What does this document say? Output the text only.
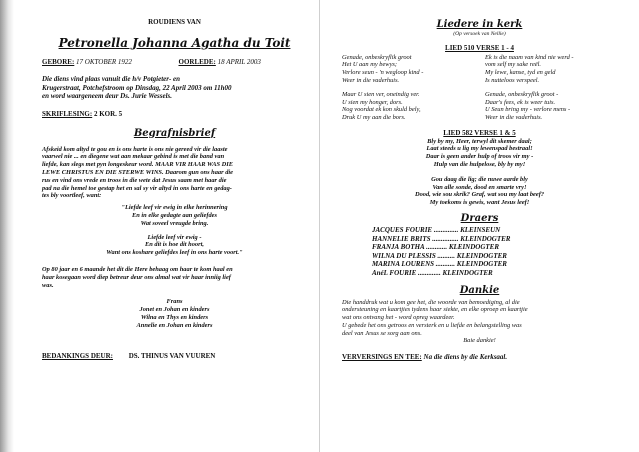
ROUDIENS VAN

Petronella Johanna Agatha du Toit

GEBORE: 17 OKTOBER 1922	OORLEDE: 18 APRIL 2003

Die diens vind plaas vanuit die h/v Potgieter- en

Krugerstraat, Potchefstroom op Dinsdag, 22 April 2003 om 11h00

en word waargeneem deur Ds. Jurie Wessels.

SKRIFLESING: 2 KOR. 5

Begrafnisbrief

Afskeid kom altyd te gou en is ons harte is ons nie gereed vir die laaste

vaarwel nie ... en diegene wat aan mekaar gebind is met die band van

liefde, kan slegs met pyn longeskeur word. MAAR VIR HAAR WAS DIE

LEWE CHRISTUS EN DIE STERWE WINS. Daarom gun ons haar die

rus en vind ons vrede en troos in die wete dat Jesus saam met haar die

pad na die hemel toe gestap het en sal sy vir altyd in ons harte en gedag-

tes bly voortleef, want:

"Liefde leef vir ewig in elke herinnering

En in elke gedagte aan geliefdes

Wat soveel vreugde bring.

Liefde leef vir ewig -

En dit is hoe dit hoort,

Want ons koshare geliefdes leef in ons harte voort."

Op 80 jaar en 6 maande het dit die Here behaag om haar te kom haal en

haar kosegaan word diep betreur deur ons almal wat vir haar inniig lief

was.

Frans

Jonet en Johan en kinders

Wilna en Thys en kinders

Annelie en Johan en kinders

BEDANKINGS DEUR: DS. THINUS VAN VUUREN

Liedere in kerk

(Op versoek van Nellie)

LIED 510 VERSE 1 - 4

Genade, onbeskryflik groot

Het U aan my bewys;

Verlore seun - 'n wegloop kind -

Weer in die vaderhuis.

Maar U sien ver, oneindig ver.

U sien my honger, dors.

Nog voordat ek kon skuld bely,

Druk U my aan die bors.

Ek is die naam van kind nie werd -

vom self my sake reël.

My lewe, kanse, tyd en geld

Is nutteloos verspeel.

Genade, onbeskryflik groot -

Daar's fees, ek is weer tuis.

U Seun bring my - verlore mens -

Weer in die vaderhuis.

LIED 582 VERSE 1 & 5

Bly by my, Heer, terwyl dit skemer daal;

Laat steeds u lig my lewenspad bestraal!

Daar is geen ander hulp of troos vir my -

Hulp van die hulpelose, bly by my!

Gou daag die lig; die nuwe aarde bly

Van alle sonde, dood en smarte vry!

Dood, wie sou skrik? Graf, wat sou my laat beef?

My toekoms is gewis, want Jesus leef!

Draers

JACQUES FOURIE .............. KLEINSEUN

HANNELIE BRITS ............... KLEINDOGTER

FRANJA BOTHA ............ KLEINDOGTER

WILNA DU PLESSIS .......... KLEINDOGTER

MARINA LOURENS ........... KLEINDOGTER

AnéL FOURIE ............. KLEINDOGTER

Dankie

Die handdruk wat u kom gee het, die woorde van bemoediging, al die

ondersteuning en kaartjies tydens haar siekte, en elke oproep en kaartjie

wat ons ontvang het - word opreg waardeer.

U gebede het ons getroos en versterk en u liefde en belangstelling was

deel van Jesus se sorg aan ons.

Baie dankie!

VERVERSINGS EN TEE: Na die diens by die Kerksaal.
